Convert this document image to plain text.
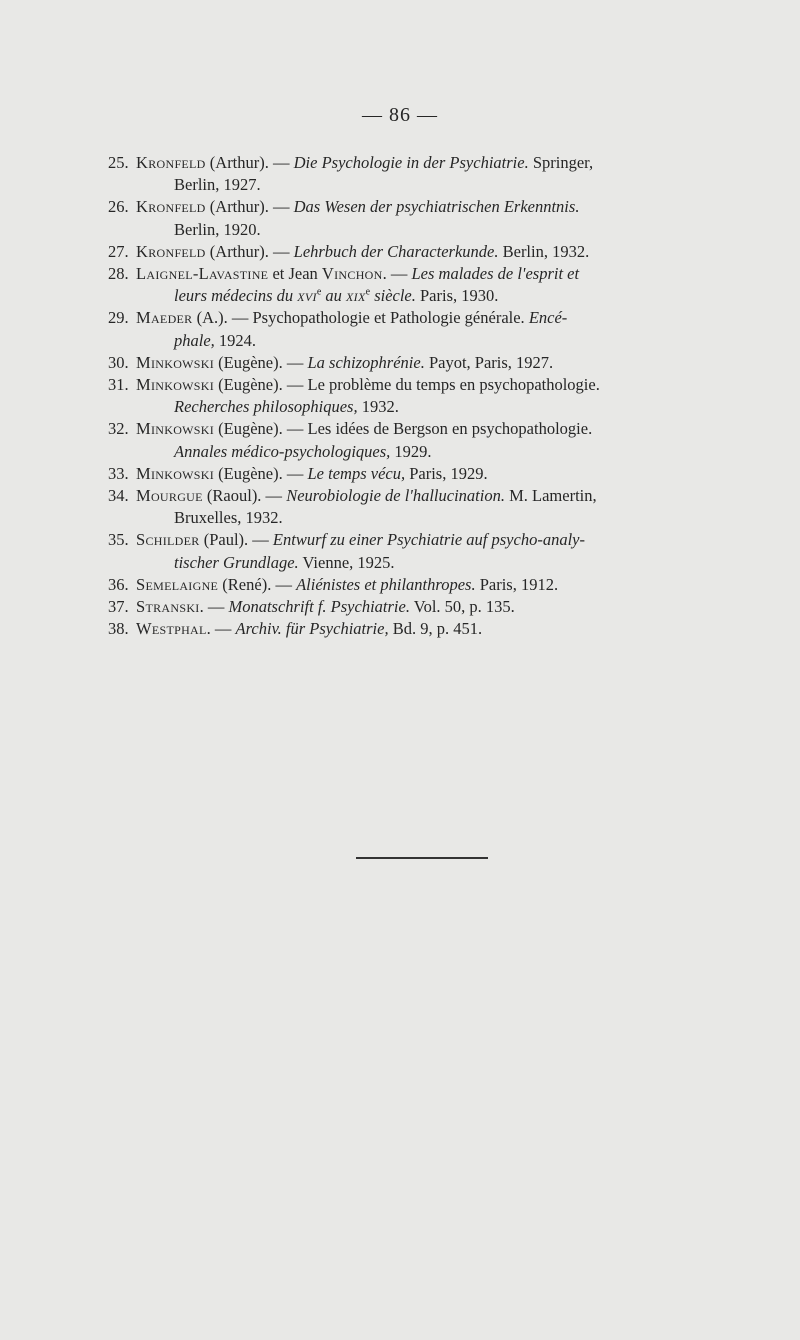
— 86 —
25. Kronfeld (Arthur). — Die Psychologie in der Psychiatrie. Springer,
Berlin, 1927.
26. Kronfeld (Arthur). — Das Wesen der psychiatrischen Erkenntnis.
Berlin, 1920.
27. Kronfeld (Arthur). — Lehrbuch der Characterkunde. Berlin, 1932.
28. Laignel-Lavastine et Jean Vinchon. — Les malades de l'esprit et
leurs médecins du xvi$^e$ au xix$^e$ siècle. Paris, 1930.
29. Maeder (A.). — Psychopathologie et Pathologie générale. Encé-
phale, 1924.
30. Minkowski (Eugène). — La schizophrénie. Payot, Paris, 1927.
31. Minkowski (Eugène). — Le problème du temps en psychopathologie.
Recherches philosophiques, 1932.
32. Minkowski (Eugène). — Les idées de Bergson en psychopathologie.
Annales médico-psychologiques, 1929.
33. Minkowski (Eugène). — Le temps vécu, Paris, 1929.
34. Mourgue (Raoul). — Neurobiologie de l'hallucination. M. Lamertin,
Bruxelles, 1932.
35. Schilder (Paul). — Entwurf zu einer Psychiatrie auf psycho-analy-
tischer Grundlage. Vienne, 1925.
36. Semelaigne (René). — Aliénistes et philanthropes. Paris, 1912.
37. Stranski. — Monatschrift f. Psychiatrie. Vol. 50, p. 135.
38. Westphal. — Archiv. für Psychiatrie, Bd. 9, p. 451.
